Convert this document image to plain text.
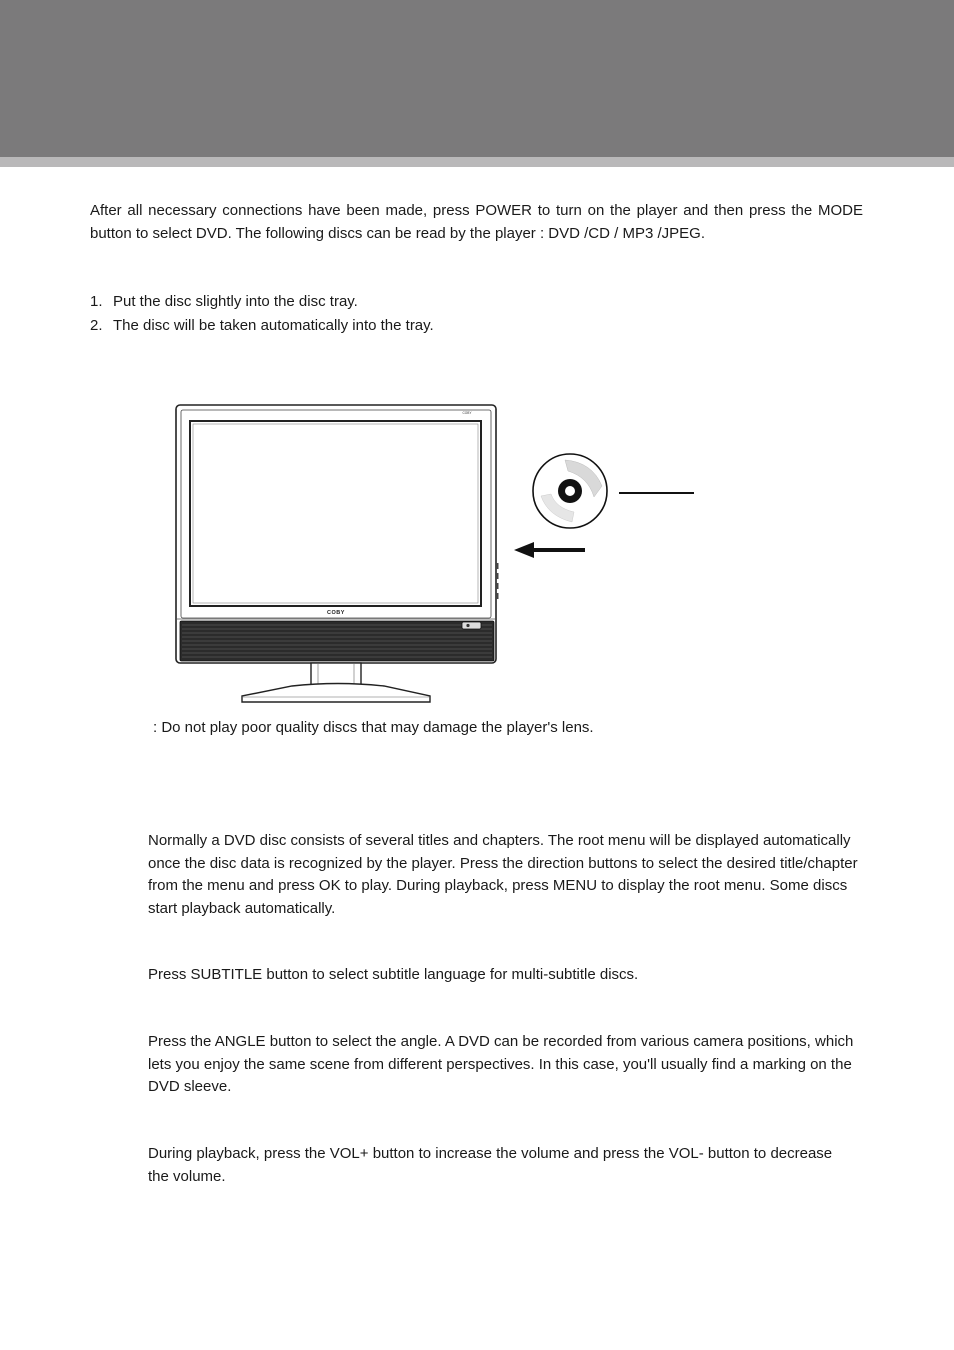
After all necessary connections have been made, press POWER to turn on the player and then press the MODE button to select DVD. The following discs can be read by the player : DVD /CD / MP3 /JPEG.

1. Put the disc slightly into the disc tray.
2. The disc will be taken automatically into the tray.
COBY
COBY

: Do not play poor quality discs that may damage the player's lens.

Normally a DVD disc consists of several titles and chapters. The root menu will be displayed automatically once the disc data is recognized by the player. Press the direction buttons to select the desired title/chapter from the menu and press OK to play. During playback, press MENU to display the root menu. Some discs start playback automatically.

Press SUBTITLE button to select subtitle language for multi-subtitle discs.

Press the ANGLE button to select the angle. A DVD can be recorded from various camera positions, which lets you enjoy the same scene from different perspectives. In this case, you'll usually find a marking on the DVD sleeve.

During playback, press the VOL+ button to increase the volume and press the VOL- button to decrease the volume.
